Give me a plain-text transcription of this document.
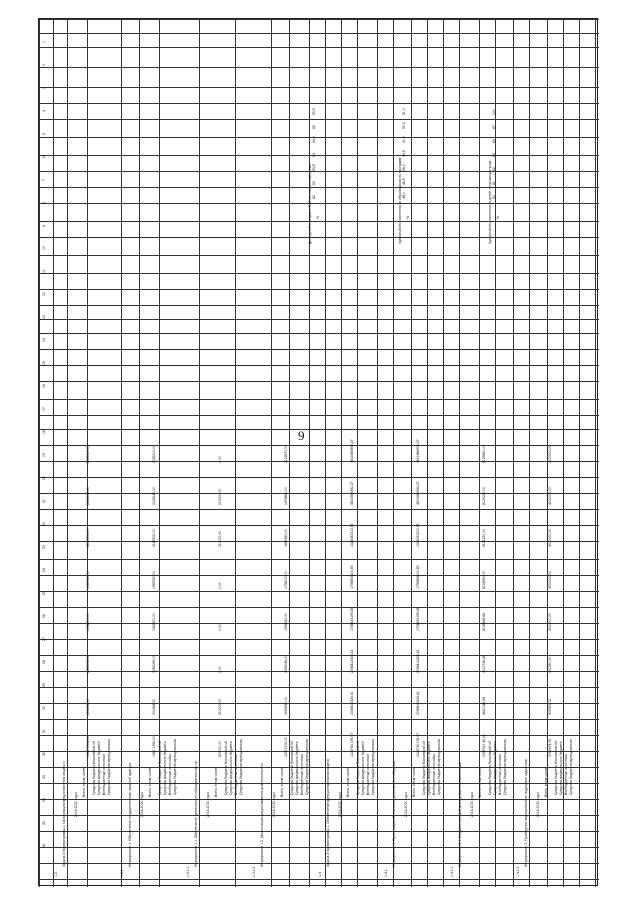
9
1
2
3
4
5
6
7
8
9
10
11
12
13
14
15
16
17
18
19
20
21
22
23
24
25
26
27
28
29
30
31
32
33
34
35
36
1.3
Задача 3 подпрограммы 1. Организация предоставления общего о 2014-2020 годы
Всего, в том числе:
1341 1704,00
201494,00
1283096,00
1932300,00
1965740,00
2189706,00
2128140,00
2339110,00
Средства бюджета Московской об Средства федерального бюджета Внебюджетные источники Средства бюджетов муниципальны
1.3.1
Мероприятие 1. Обеспечение государственных гарантий прав гра 2014-2020 годы
Всего, в том числе:
1361 1766,00
201494,00
1283096,00
1932300,00
1965740,00
2189706,00
2128140,00
2339110,00
Средства бюджета Московской об Средства федерального бюджета Внебюджетные источники Средства бюджетов муниципальны
1.3.1.1
Мероприятие 1.1. Обеспечение деятельности образовательных ор 2014-2020 годы
Всего, в том числе:
630000,00
210000,00
0,00
0,00
0,00
210000,00
210000,00
0,00
Средства бюджета Московской об Средства федерального бюджета Внебюджетные источники Средства бюджетов муниципальны
1.3.1.2
Мероприятие 1.2. Организация предоставления дополнительного 2014-2020 годы
Всего, в том числе:
12917106,00
1659340,00
1349046,00
1559340,00
1738070,00
1882590,00
1979860,00
2109570,00
Средства бюджета Московской об Средства федерального бюджета Внебюджетные источники Средства бюджетов муниципальны
1.4
Задача 4 подпрограммы 1. Обеспечение функционирования модели 2014-2020 годы
Всего, в том числе:
1114743 176,97
2098412426,41
2098412426,41
1738432195,68
1736893100,65
1328062310,53
4801986992,27
4801986992,27
Средства бюджета Московской об Средства федерального бюджета Внебюджетные источники Средства бюджетов муниципальны
1.4.1
Мероприятие 1. Организация обеспечения деятельности образова 2014-2020 годы
Всего, в том числе:
1114743 176,97
2098412426,41
2098412426,41
1738432195,68
1736893100,65
1328062310,53
4801986992,27
4801986992,27
Средства бюджета Московской об Средства федерального бюджета Внебюджетные источники Средства бюджетов муниципальны
1.4.1.1
Мероприятие 1.1. Создание условий для функционирования и раз 2014-2020 годы
Всего, в том числе:
2099741 45,20
4620149,68
4110738,68
8138968,68
8124550,00
8125150,00
8125150,00
8125960,00
Средства бюджета Московской об Средства федерального бюджета Внебюджетные источники Средства бюджетов муниципальны
1.4.1.2
Мероприятие 2. Проведение мероприятий по поддержке одаренных 2014-2020 годы
Всего, в том числе:
2051909,06
605781,12
401150,00
4000000,00
4000000,00
4000000,00
4000000,00
4000000,00
Средства бюджета Московской об Средства федерального бюджета Внебюджетные источники Средства бюджетов муниципальны
Доля детей в возрасте 5-18 лет, охваченных допол %
62
63
63,5
64
64,5
65
65,5
Удельный вес численности обучающихся по программ %
48,0
48,5
49,0
49,5
50,0
50,5
51,0
Удельный вес численности детей, получающих услуг %
60
61
62
63
65
67
100
